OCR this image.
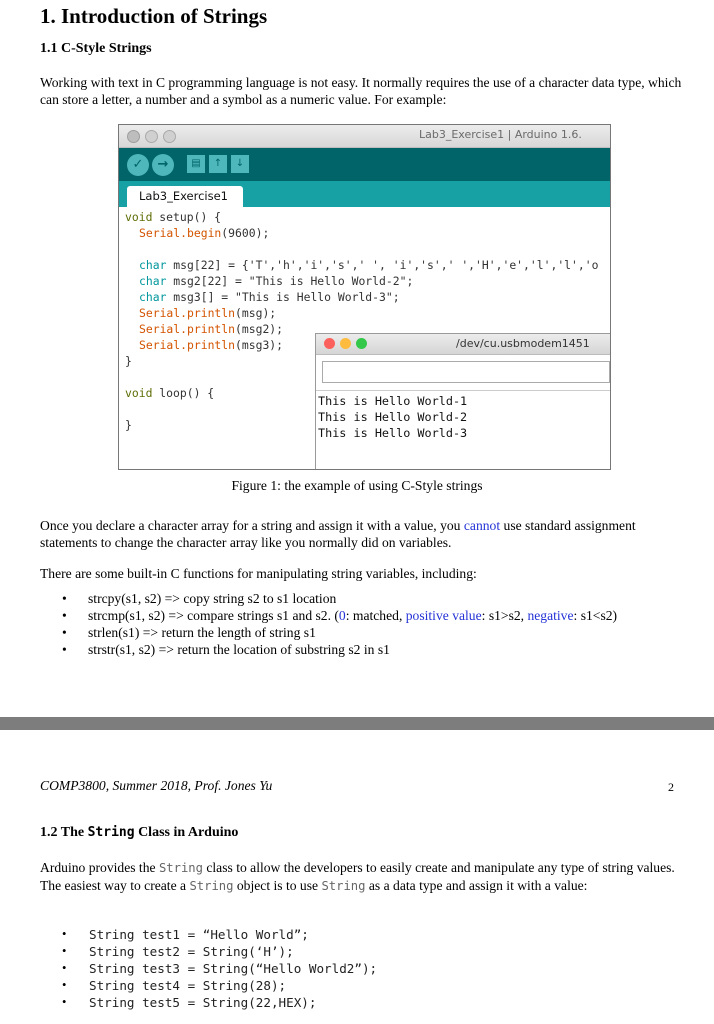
1. Introduction of Strings
1.1 C-Style Strings
Working with text in C programming language is not easy. It normally requires the use of a character data type, which can store a letter, a number and a symbol as a numeric value. For example:
Lab3_Exercise1 | Arduino 1.6.
✓	→	▤	↑	↓
Lab3_Exercise1
void setup() {
Serial.begin(9600);
char msg[22] = {'T','h','i','s',' ', 'i','s',' ','H','e','l','l','o
char msg2[22] = "This is Hello World-2";
char msg3[] = "This is Hello World-3";
Serial.println(msg);
Serial.println(msg2);
Serial.println(msg3);
}
void loop() {
}
/dev/cu.usbmodem1451
This is Hello World-1
This is Hello World-2
This is Hello World-3
Figure 1: the example of using C-Style strings
Once you declare a character array for a string and assign it with a value, you cannot use standard assignment statements to change the character array like you normally did on variables.
There are some built-in C functions for manipulating string variables, including:
• strcpy(s1, s2) => copy string s2 to s1 location
• strcmp(s1, s2) => compare strings s1 and s2. (0: matched, positive value: s1>s2, negative: s1<s2)
• strlen(s1) => return the length of string s1
• strstr(s1, s2) => return the location of substring s2 in s1
COMP3800, Summer 2018, Prof. Jones Yu	2
1.2 The String Class in Arduino
Arduino provides the String class to allow the developers to easily create and manipulate any type of string values. The easiest way to create a String object is to use String as a data type and assign it with a value:
• String test1 = “Hello World”;
• String test2 = String(‘H’);
• String test3 = String(“Hello World2”);
• String test4 = String(28);
• String test5 = String(22,HEX);
